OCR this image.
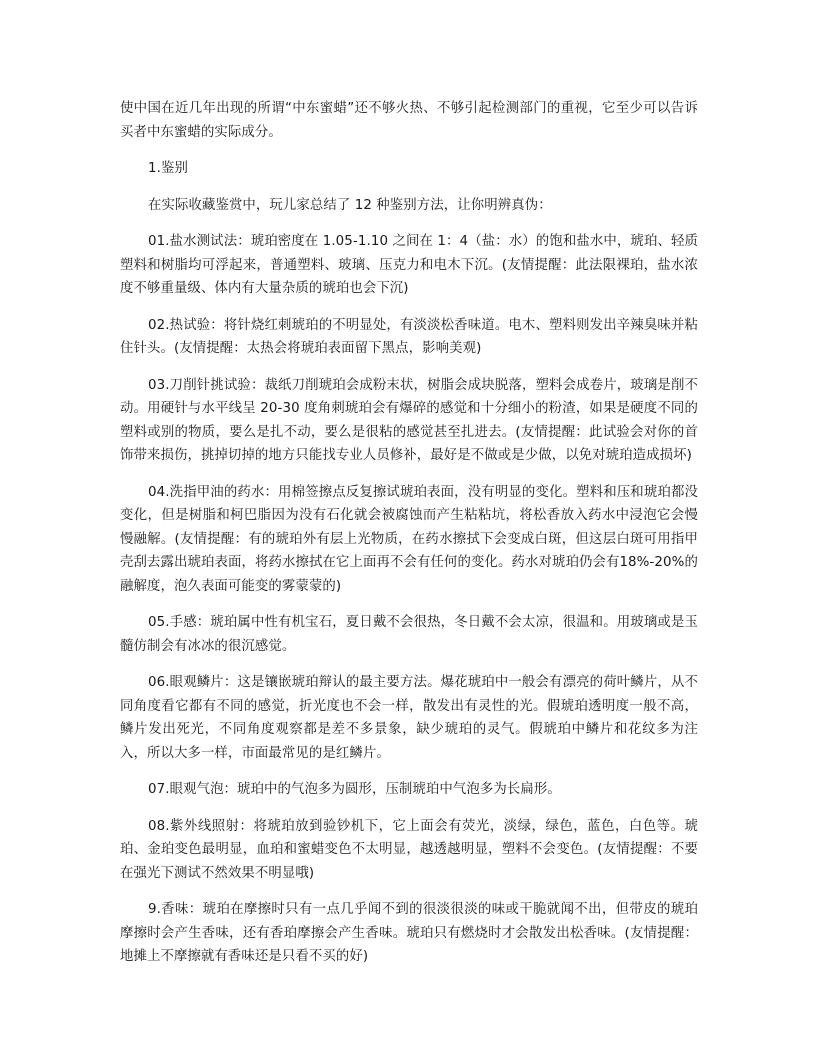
使中国在近几年出现的所谓“中东蜜蜡”还不够火热、不够引起检测部门的重视，它至少可以告诉买者中东蜜蜡的实际成分。

1.鉴别

在实际收藏鉴赏中，玩儿家总结了 12 种鉴别方法，让你明辨真伪：

01.盐水测试法：琥珀密度在 1.05-1.10 之间在 1：4（盐：水）的饱和盐水中，琥珀、轻质塑料和树脂均可浮起来，普通塑料、玻璃、压克力和电木下沉。(友情提醒：此法限裸珀，盐水浓度不够重量级、体内有大量杂质的琥珀也会下沉)

02.热试验：将针烧红刺琥珀的不明显处，有淡淡松香味道。电木、塑料则发出辛辣臭味并粘住针头。(友情提醒：太热会将琥珀表面留下黑点，影响美观)

03.刀削针挑试验：裁纸刀削琥珀会成粉末状，树脂会成块脱落，塑料会成卷片，玻璃是削不动。用硬针与水平线呈 20-30 度角刺琥珀会有爆碎的感觉和十分细小的粉渣，如果是硬度不同的塑料或别的物质，要么是扎不动，要么是很粘的感觉甚至扎进去。(友情提醒：此试验会对你的首饰带来损伤，挑掉切掉的地方只能找专业人员修补，最好是不做或是少做，以免对琥珀造成损坏)

04.洗指甲油的药水：用棉签擦点反复擦试琥珀表面，没有明显的变化。塑料和压和琥珀都没变化，但是树脂和柯巴脂因为没有石化就会被腐蚀而产生粘粘坑，将松香放入药水中浸泡它会慢慢融解。(友情提醒：有的琥珀外有层上光物质，在药水擦拭下会变成白斑，但这层白斑可用指甲壳刮去露出琥珀表面，将药水擦拭在它上面再不会有任何的变化。药水对琥珀仍会有18%-20%的融解度，泡久表面可能变的雾蒙蒙的)

05.手感：琥珀属中性有机宝石，夏日戴不会很热，冬日戴不会太凉，很温和。用玻璃或是玉髓仿制会有冰冰的很沉感觉。

06.眼观鳞片：这是镶嵌琥珀辩认的最主要方法。爆花琥珀中一般会有漂亮的荷叶鳞片，从不同角度看它都有不同的感觉，折光度也不会一样，散发出有灵性的光。假琥珀透明度一般不高，鳞片发出死光，不同角度观察都是差不多景象，缺少琥珀的灵气。假琥珀中鳞片和花纹多为注入，所以大多一样，市面最常见的是红鳞片。

07.眼观气泡：琥珀中的气泡多为圆形，压制琥珀中气泡多为长扁形。

08.紫外线照射：将琥珀放到验钞机下，它上面会有荧光，淡绿，绿色，蓝色，白色等。琥珀、金珀变色最明显，血珀和蜜蜡变色不太明显，越透越明显，塑料不会变色。(友情提醒：不要在强光下测试不然效果不明显哦)

9.香味：琥珀在摩擦时只有一点几乎闻不到的很淡很淡的味或干脆就闻不出，但带皮的琥珀摩擦时会产生香味，还有香珀摩擦会产生香味。琥珀只有燃烧时才会散发出松香味。(友情提醒：地摊上不摩擦就有香味还是只看不买的好)
